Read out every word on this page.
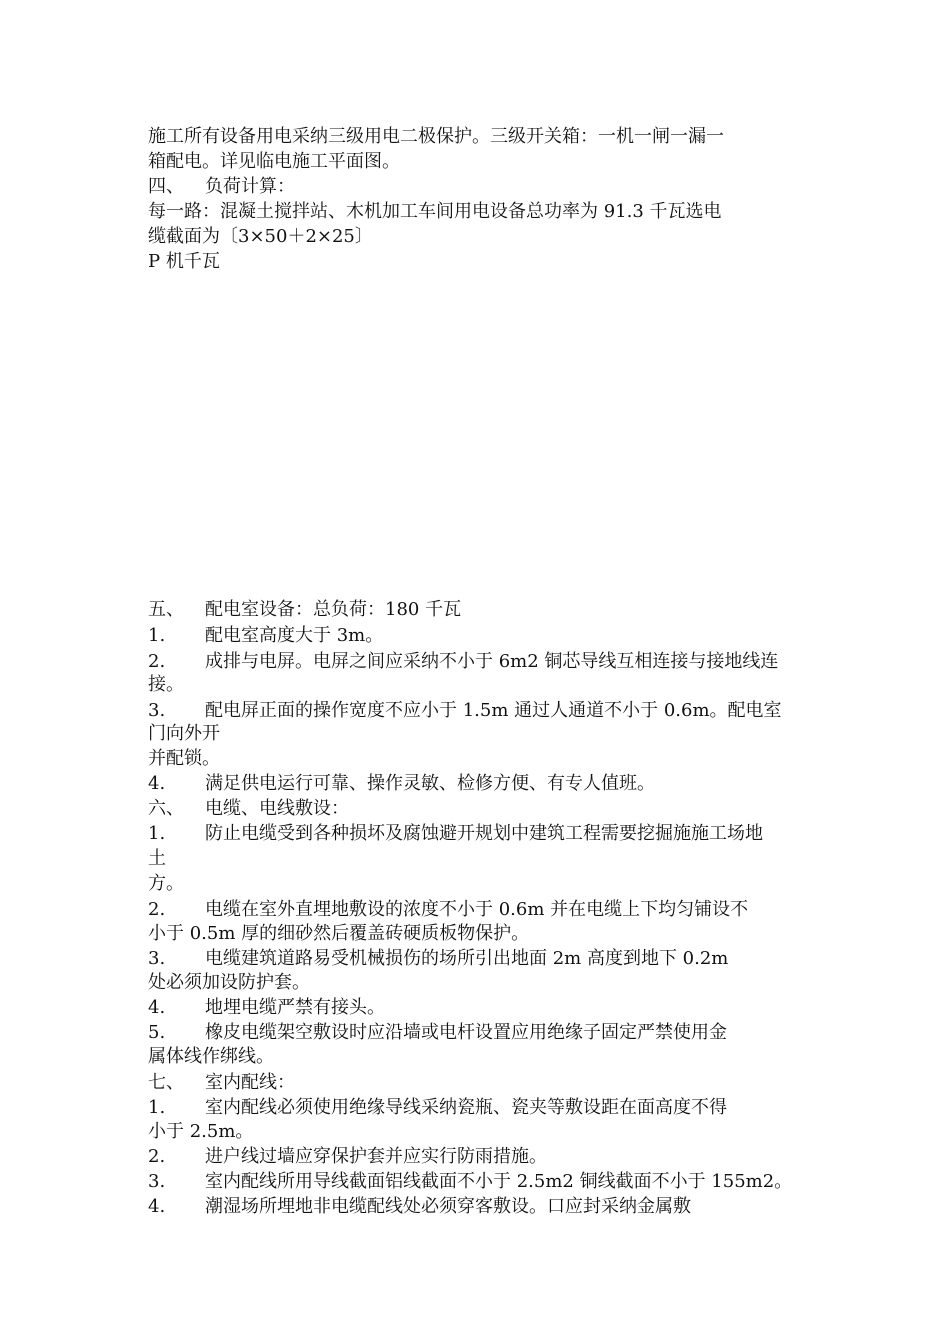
施工所有设备用电采纳三级用电二极保护。三级开关箱：一机一闸一漏一
箱配电。详见临电施工平面图。
四、	负荷计算：
每一路：混凝土搅拌站、木机加工车间用电设备总功率为 91.3 千瓦选电
缆截面为〔3×50＋2×25〕
P 机千瓦
五、	配电室设备：总负荷：180 千瓦
1.	配电室高度大于 3m。
2.	成排与电屏。电屏之间应采纳不小于 6m2 铜芯导线互相连接与接地线连
接。
3.	配电屏正面的操作宽度不应小于 1.5m 通过人通道不小于 0.6m。配电室
门向外开
并配锁。
4.	满足供电运行可靠、操作灵敏、检修方便、有专人值班。
六、	电缆、电线敷设：
1.	防止电缆受到各种损坏及腐蚀避开规划中建筑工程需要挖掘施施工场地
土
方。
2.	电缆在室外直埋地敷设的浓度不小于 0.6m 并在电缆上下均匀铺设不
小于 0.5m 厚的细砂然后覆盖砖硬质板物保护。
3.	电缆建筑道路易受机械损伤的场所引出地面 2m 高度到地下 0.2m
处必须加设防护套。
4.	地埋电缆严禁有接头。
5.	橡皮电缆架空敷设时应沿墙或电杆设置应用绝缘子固定严禁使用金
属体线作绑线。
七、	室内配线：
1.	室内配线必须使用绝缘导线采纳瓷瓶、瓷夹等敷设距在面高度不得
小于 2.5m。
2.	进户线过墙应穿保护套并应实行防雨措施。
3.	室内配线所用导线截面铝线截面不小于 2.5m2 铜线截面不小于 155m2。
4.	潮湿场所埋地非电缆配线处必须穿客敷设。口应封采纳金属敷
